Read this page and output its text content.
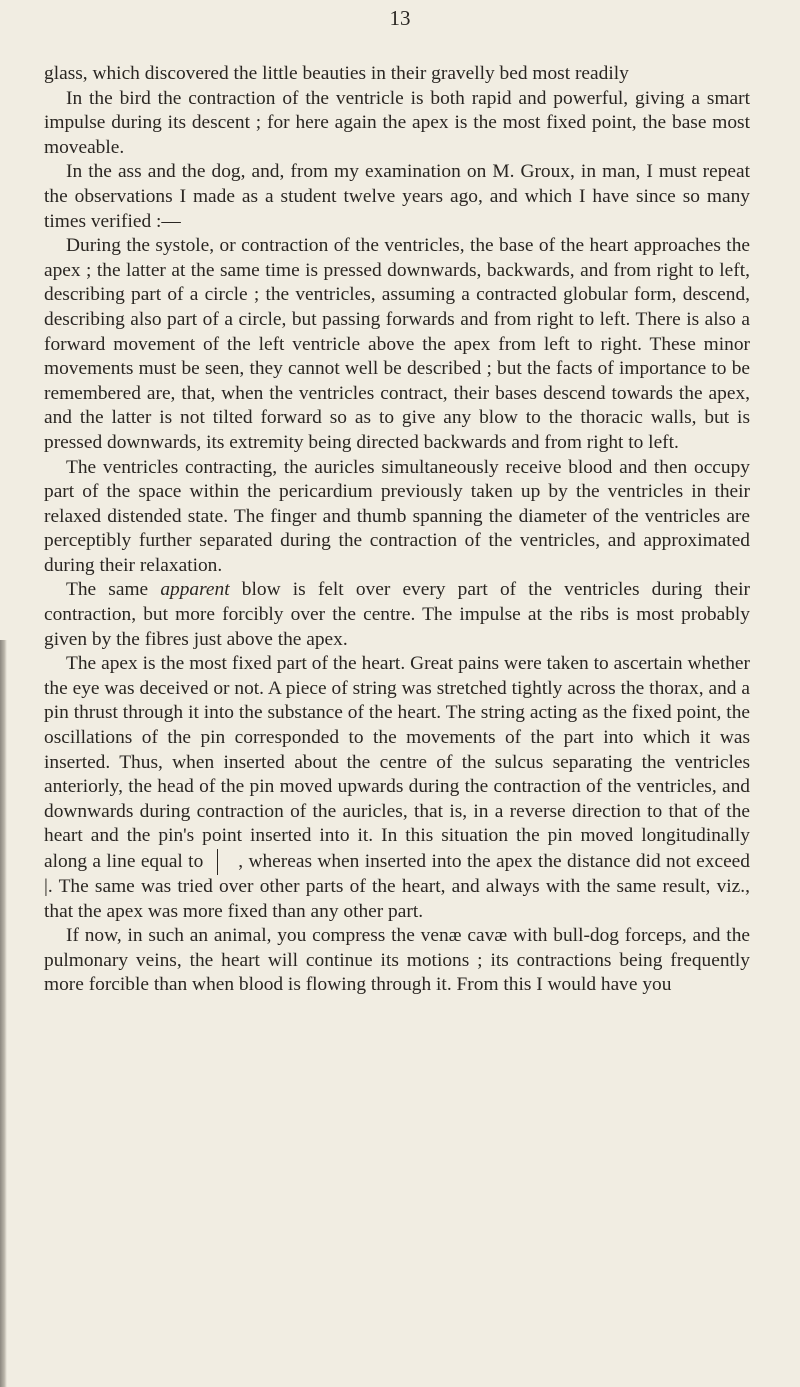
13

glass, which discovered the little beauties in their gravelly bed most readily

In the bird the contraction of the ventricle is both rapid and powerful, giving a smart impulse during its descent ; for here again the apex is the most fixed point, the base most moveable.

In the ass and the dog, and, from my examination on M. Groux, in man, I must repeat the observations I made as a student twelve years ago, and which I have since so many times verified :—

During the systole, or contraction of the ventricles, the base of the heart approaches the apex ; the latter at the same time is pressed downwards, backwards, and from right to left, describing part of a circle ; the ventricles, assuming a contracted globular form, descend, describing also part of a circle, but passing forwards and from right to left. There is also a forward movement of the left ventricle above the apex from left to right. These minor movements must be seen, they cannot well be described ; but the facts of importance to be remembered are, that, when the ventricles contract, their bases descend towards the apex, and the latter is not tilted forward so as to give any blow to the thoracic walls, but is pressed downwards, its extremity being directed backwards and from right to left.

The ventricles contracting, the auricles simultaneously receive blood and then occupy part of the space within the pericardium previously taken up by the ventricles in their relaxed distended state. The finger and thumb spanning the diameter of the ventricles are perceptibly further separated during the contraction of the ventricles, and approximated during their relaxation.

The same apparent blow is felt over every part of the ventricles during their contraction, but more forcibly over the centre. The impulse at the ribs is most probably given by the fibres just above the apex.

The apex is the most fixed part of the heart. Great pains were taken to ascertain whether the eye was deceived or not. A piece of string was stretched tightly across the thorax, and a pin thrust through it into the substance of the heart. The string acting as the fixed point, the oscillations of the pin corresponded to the movements of the part into which it was inserted. Thus, when inserted about the centre of the sulcus separating the ventricles anteriorly, the head of the pin moved upwards during the contraction of the ventricles, and downwards during contraction of the auricles, that is, in a reverse direction to that of the heart and the pin's point inserted into it. In this situation the pin moved longitudinally along a line equal to , whereas when inserted into the apex the distance did not exceed |. The same was tried over other parts of the heart, and always with the same result, viz., that the apex was more fixed than any other part.

If now, in such an animal, you compress the venæ cavæ with bull-dog forceps, and the pulmonary veins, the heart will continue its motions ; its contractions being frequently more forcible than when blood is flowing through it. From this I would have you
